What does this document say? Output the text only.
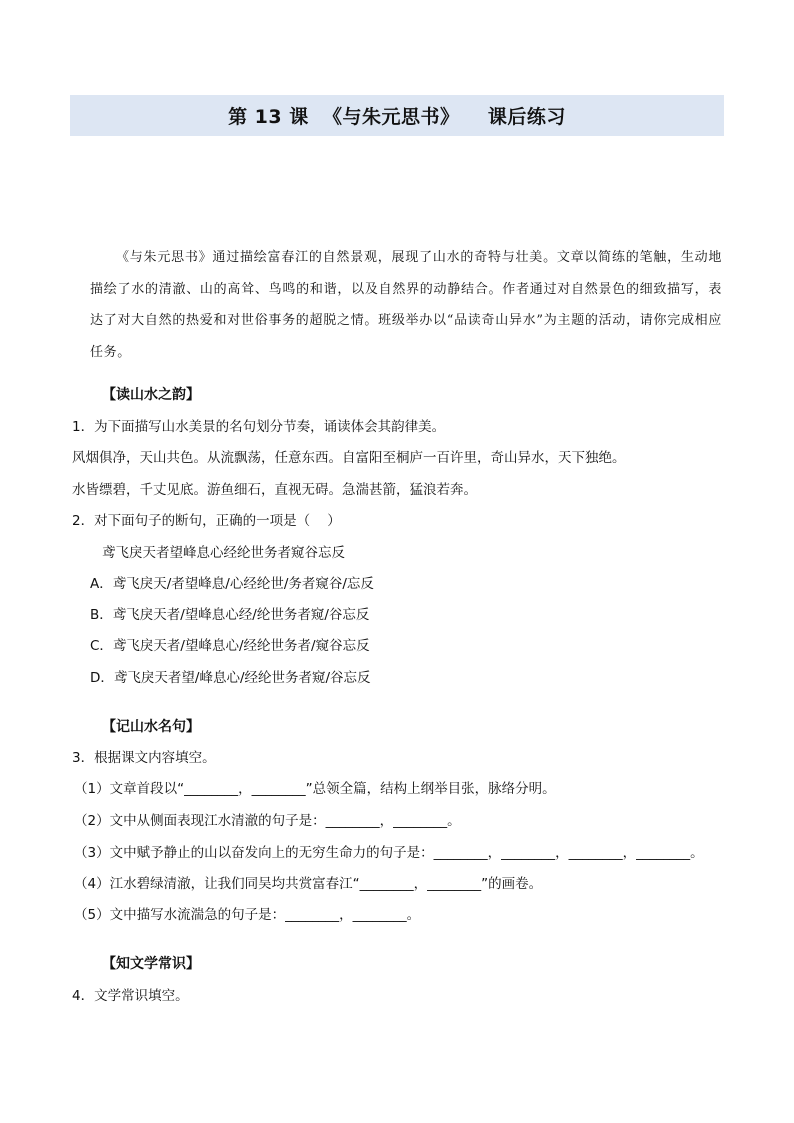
第 13 课  《与朱元思书》    课后练习

《与朱元思书》通过描绘富春江的自然景观，展现了山水的奇特与壮美。文章以简练的笔触，生动地描绘了水的清澈、山的高耸、鸟鸣的和谐，以及自然界的动静结合。作者通过对自然景色的细致描写，表达了对大自然的热爱和对世俗事务的超脱之情。班级举办以“品读奇山异水”为主题的活动，请你完成相应任务。

【读山水之韵】
1．为下面描写山水美景的名句划分节奏，诵读体会其韵律美。
风烟俱净，天山共色。从流飘荡，任意东西。自富阳至桐庐一百许里，奇山异水，天下独绝。
水皆缥碧，千丈见底。游鱼细石，直视无碍。急湍甚箭，猛浪若奔。
2．对下面句子的断句，正确的一项是（    ）
鸢飞戾天者望峰息心经纶世务者窥谷忘反
A．鸢飞戾天/者望峰息/心经纶世/务者窥谷/忘反
B．鸢飞戾天者/望峰息心经/纶世务者窥/谷忘反
C．鸢飞戾天者/望峰息心/经纶世务者/窥谷忘反
D．鸢飞戾天者望/峰息心/经纶世务者窥/谷忘反
【记山水名句】
3．根据课文内容填空。
（1）文章首段以“________，________”总领全篇，结构上纲举目张，脉络分明。
（2）文中从侧面表现江水清澈的句子是：________，________。
（3）文中赋予静止的山以奋发向上的无穷生命力的句子是：________，________，________，________。
（4）江水碧绿清澈，让我们同吴均共赏富春江“________，________”的画卷。
（5）文中描写水流湍急的句子是：________，________。
【知文学常识】
4．文学常识填空。
